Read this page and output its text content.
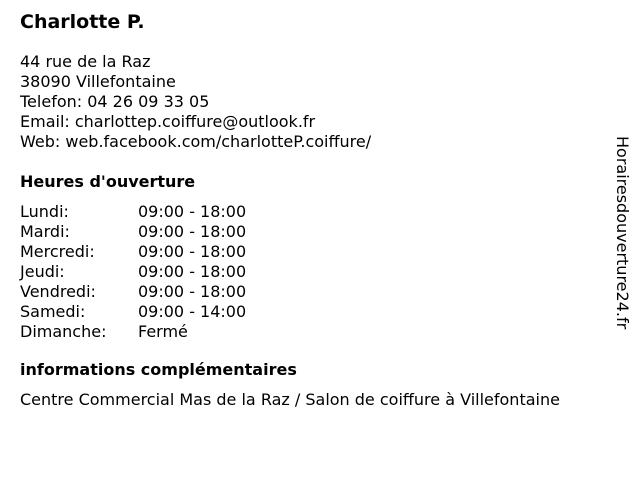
Charlotte P.
44 rue de la Raz
38090 Villefontaine
Telefon: 04 26 09 33 05
Email: charlottep.coiffure@outlook.fr
Web: web.facebook.com/charlotteP.coiffure/
Heures d'ouverture
Lundi:	09:00 - 18:00
Mardi:	09:00 - 18:00
Mercredi:	09:00 - 18:00
Jeudi:	09:00 - 18:00
Vendredi:	09:00 - 18:00
Samedi:	09:00 - 14:00
Dimanche:	Fermé
informations complémentaires
Centre Commercial Mas de la Raz / Salon de coiffure à Villefontaine
Horairesdouverture24.fr
